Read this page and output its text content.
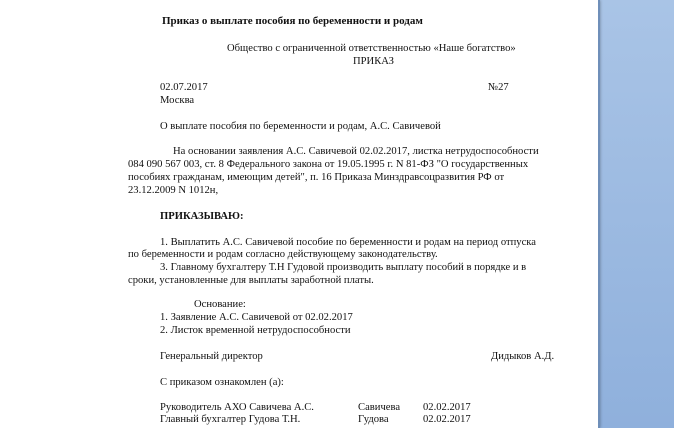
Приказ о выплате пособия по беременности и родам
Общество с ограниченной ответственностью «Наше богатство»
ПРИКАЗ
02.07.2017	№27
Москва
О выплате пособия по беременности и родам, А.С. Савичевой
На основании заявления А.С. Савичевой 02.02.2017, листка нетрудоспособности
084 090 567 003, ст. 8 Федерального закона от 19.05.1995 г. N 81-ФЗ "О государственных
пособиях гражданам, имеющим детей", п. 16 Приказа Минздравсоцразвития РФ от
23.12.2009 N 1012н,
ПРИКАЗЫВАЮ:
1. Выплатить А.С. Савичевой пособие по беременности и родам на период отпуска
по беременности и родам согласно действующему законодательству.
3. Главному бухгалтеру Т.Н Гудовой производить выплату пособий в порядке и в
сроки, установленные для выплаты заработной платы.
Основание:
1. Заявление А.С. Савичевой от 02.02.2017
2. Листок временной нетрудоспособности
Генеральный директор	Дидыков А.Д.
С приказом ознакомлен (а):
Руководитель АХО Савичева А.С.	Савичева 02.02.2017
Главный бухгалтер Гудова Т.Н.	Гудова	02.02.2017
